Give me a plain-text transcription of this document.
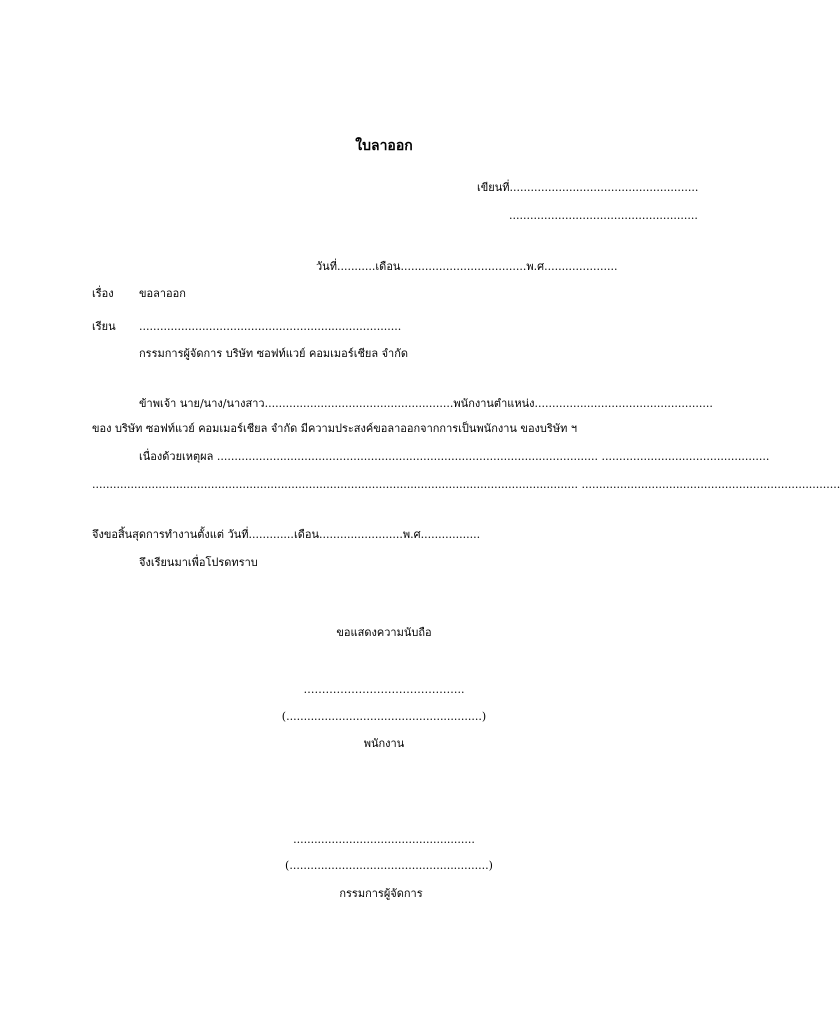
ใบลาออก
เขียนที่......................................................
......................................................
วันที่...........เดือน....................................พ.ศ.....................
เรื่อง ขอลาออก
เรียน ...........................................................................
กรรมการผู้จัดการ บริษัท ซอฟท์แวย์ คอมเมอร์เชียล จำกัด
ข้าพเจ้า นาย/นาง/นางสาว......................................................พนักงานตำแหน่ง...................................................
ของ บริษัท ซอฟท์แวย์ คอมเมอร์เชียล จำกัด มีความประสงค์ขอลาออกจากการเป็นพนักงาน ของบริษัท ฯ
เนื่องด้วยเหตุผล ............................................................................................................. ................................................
........................................................................................................................................... ..........................................................................
จึงขอสิ้นสุดการทำงานตั้งแต่ วันที่.............เดือน........................พ.ศ.................
จึงเรียนมาเพื่อโปรดทราบ
ขอแสดงความนับถือ
……………………………………..
(........................................................)
พนักงาน
....................................................
(.........................................................)
กรรมการผู้จัดการ
